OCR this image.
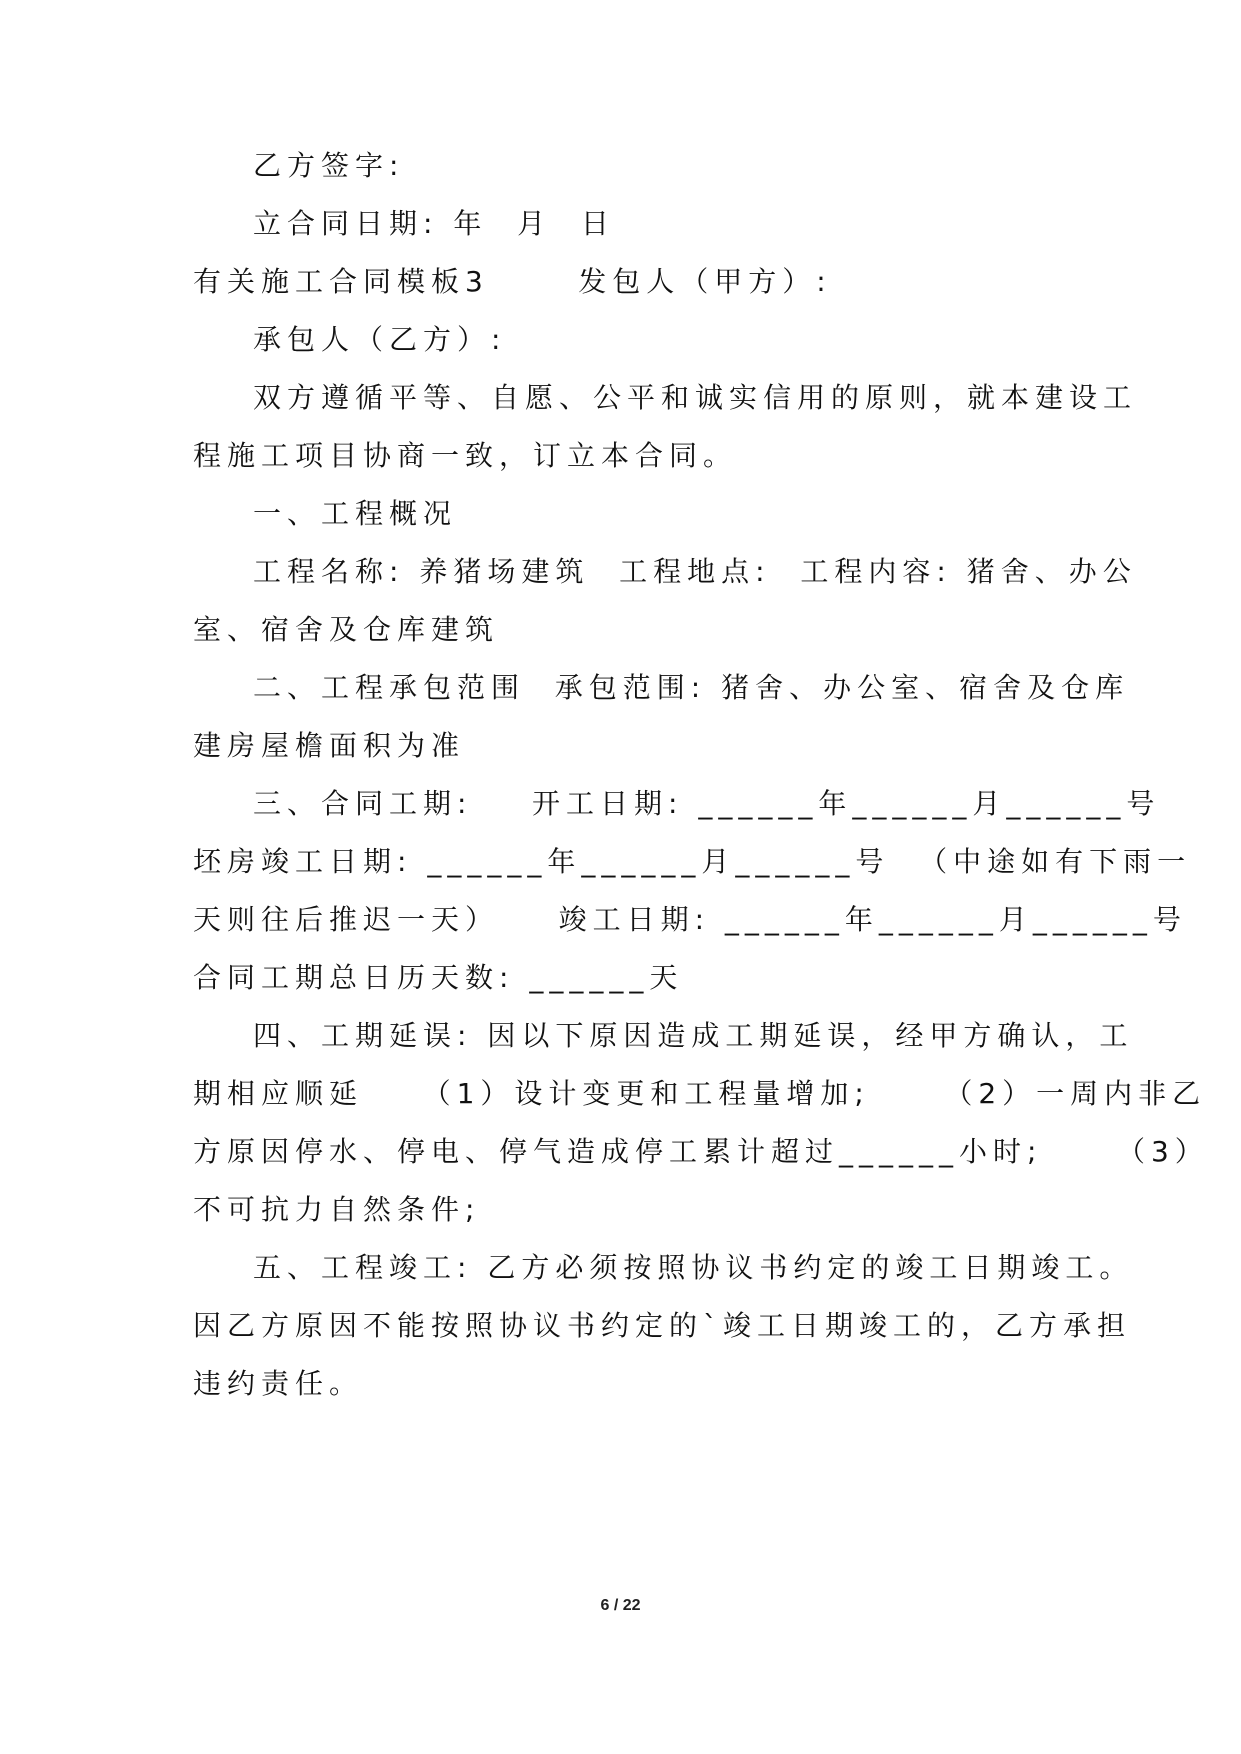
乙方签字:
立合同日期: 年  月  日
有关施工合同模板3      发包人（甲方）:
承包人（乙方）:
双方遵循平等、自愿、公平和诚实信用的原则，就本建设工
程施工项目协商一致，订立本合同。
一、工程概况
工程名称: 养猪场建筑  工程地点:  工程内容: 猪舍、办公
室、宿舍及仓库建筑
二、工程承包范围  承包范围: 猪舍、办公室、宿舍及仓库
建房屋檐面积为准
三、合同工期:    开工日期: ______年______月______号
坯房竣工日期: ______年______月______号  （中途如有下雨一
天则往后推迟一天）    竣工日期: ______年______月______号
合同工期总日历天数: ______天
四、工期延误: 因以下原因造成工期延误，经甲方确认，工
期相应顺延    （1）设计变更和工程量增加;     （2）一周内非乙
方原因停水、停电、停气造成停工累计超过______小时;     （3）
不可抗力自然条件;
五、工程竣工: 乙方必须按照协议书约定的竣工日期竣工。
因乙方原因不能按照协议书约定的`竣工日期竣工的，乙方承担
违约责任。
6 / 22
